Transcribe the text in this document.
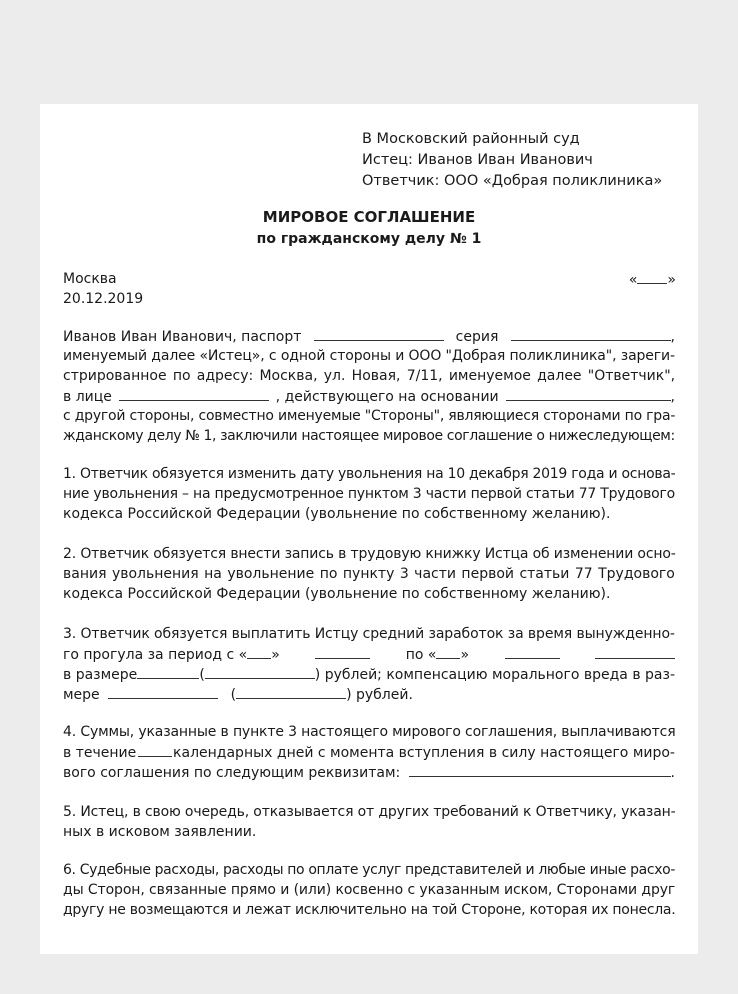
В Московский районный суд
Истец: Иванов Иван Иванович
Ответчик: ООО «Добрая поликлиника»
МИРОВОЕ СОГЛАШЕНИЕ
по гражданскому делу № 1
Москва
20.12.2019
« »
Иванов Иван Иванович, паспорт	серия	,
именуемый далее «Истец», с одной стороны и ООО "Добрая поликлиника", зареги-
стрированное по адресу: Москва, ул. Новая, 7/11, именуемое далее "Ответчик",
в лице	, действующего на основании	,
с другой стороны, совместно именуемые "Стороны", являющиеся сторонами по гра-
жданскому делу № 1, заключили настоящее мировое соглашение о нижеследующем:
1. Ответчик обязуется изменить дату увольнения на 10 декабря 2019 года и основа-
ние увольнения – на предусмотренное пунктом 3 части первой статьи 77 Трудового
кодекса Российской Федерации (увольнение по собственному желанию).
2. Ответчик обязуется внести запись в трудовую книжку Истца об изменении осно-
вания увольнения на увольнение по пункту 3 части первой статьи 77 Трудового
кодекса Российской Федерации (увольнение по собственному желанию).
3. Ответчик обязуется выплатить Истцу средний заработок за время вынужденно-
го прогула за период с « »	по « »
в размере	(	) рублей; компенсацию морального вреда в раз-
мере	(	) рублей.
4. Суммы, указанные в пункте 3 настоящего мирового соглашения, выплачиваются
в течение	календарных дней с момента вступления в силу настоящего миро-
вого соглашения по следующим реквизитам:	.
5. Истец, в свою очередь, отказывается от других требований к Ответчику, указан-
ных в исковом заявлении.
6. Судебные расходы, расходы по оплате услуг представителей и любые иные расхо-
ды Сторон, связанные прямо и (или) косвенно с указанным иском, Сторонами друг
другу не возмещаются и лежат исключительно на той Стороне, которая их понесла.
